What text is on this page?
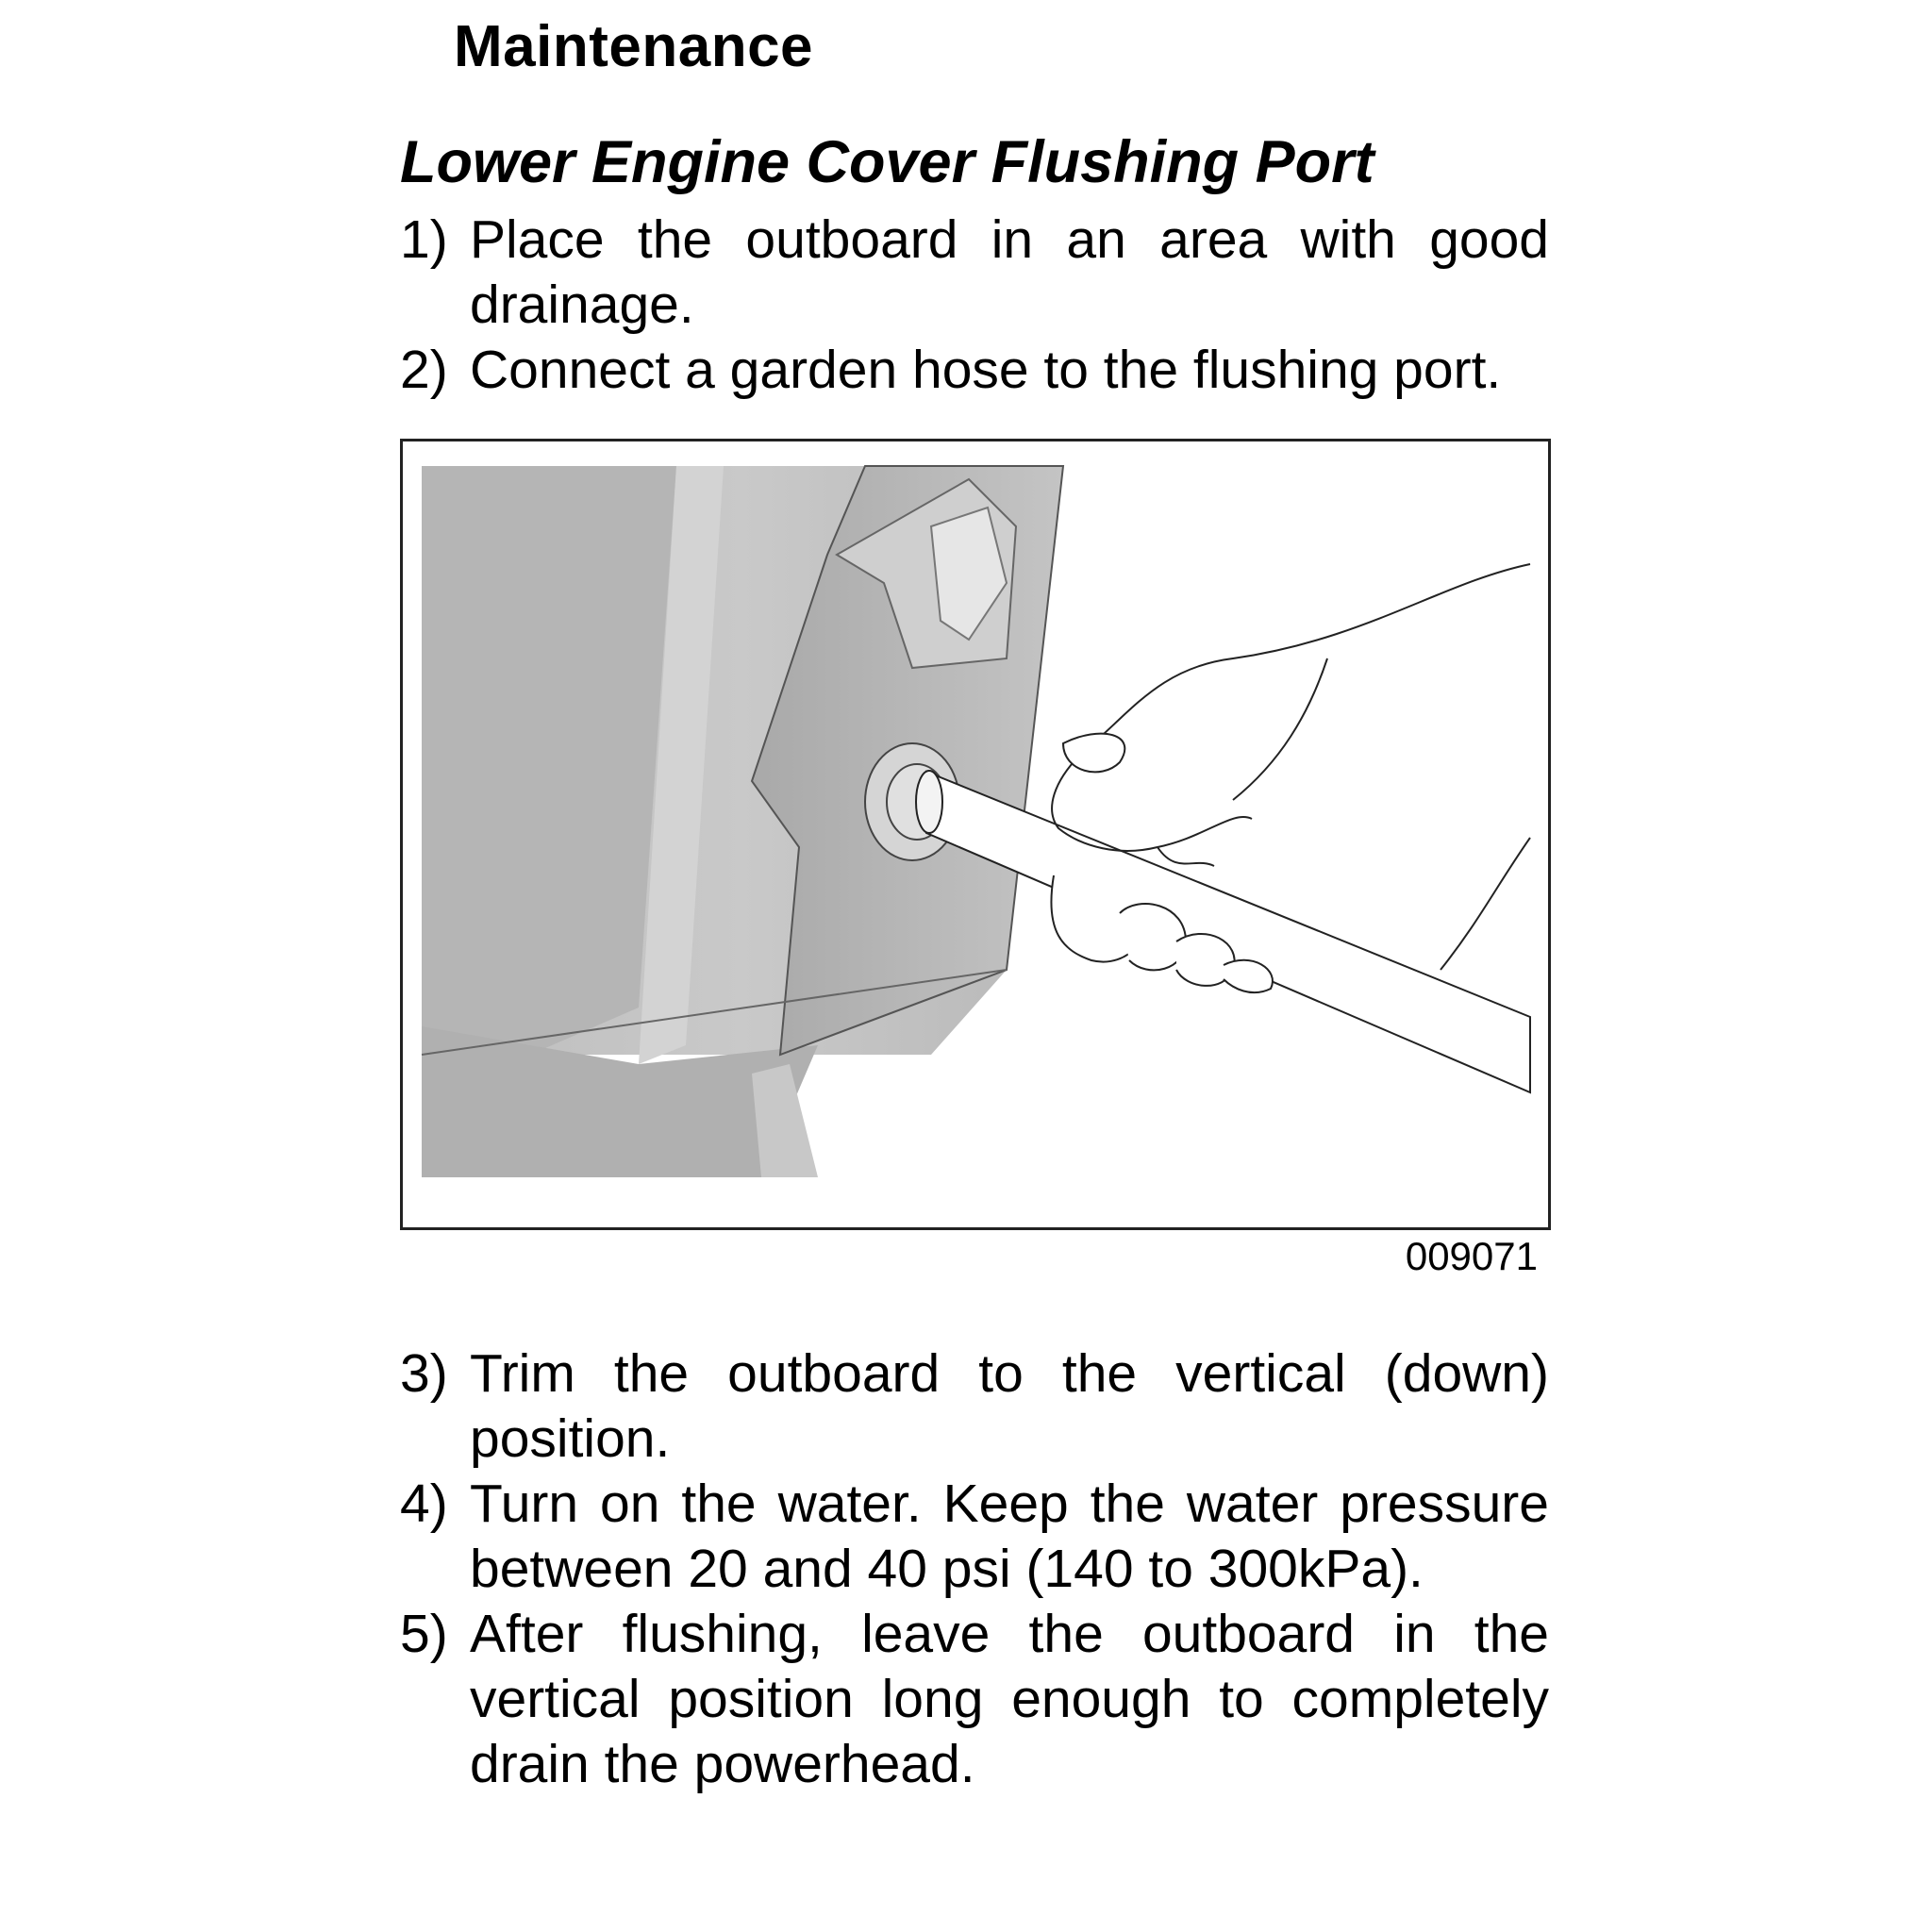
Maintenance
Lower Engine Cover Flushing Port
1) Place the outboard in an area with good drainage.
2) Connect a garden hose to the flushing port.
009071
3) Trim the outboard to the vertical (down) position.
4) Turn on the water. Keep the water pressure between 20 and 40 psi (140 to 300kPa).
5) After flushing, leave the outboard in the vertical position long enough to completely drain the powerhead.
